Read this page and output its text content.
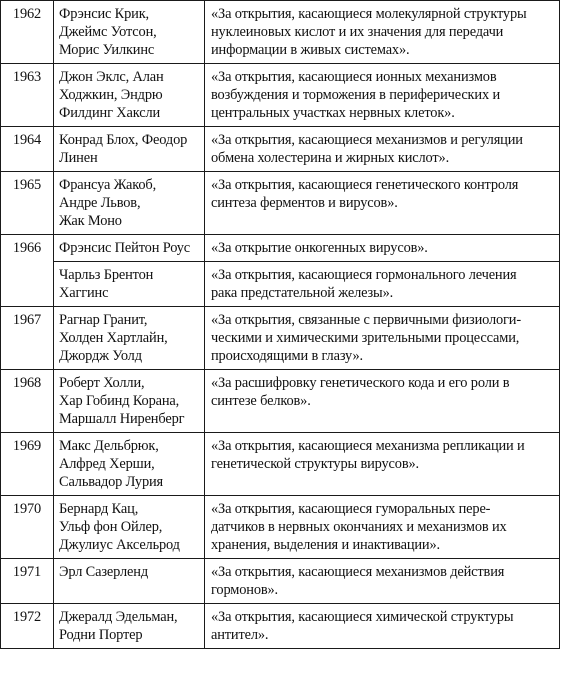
1962	Фрэнсис Крик,
Джеймс Уотсон,
Морис Уилкинс	«За открытия, касающиеся молекулярной структуры
нуклеиновых кислот и их значения для передачи
информации в живых системах».

1963	Джон Эклс, Алан
Ходжкин, Эндрю
Филдинг Хаксли	«За открытия, касающиеся ионных механизмов
возбуждения и торможения в периферических и
центральных участках нервных клеток».

1964	Конрад Блох, Феодор
Линен	«За открытия, касающиеся механизмов и регуляции
обмена холестерина и жирных кислот».

1965	Франсуа Жакоб,
Андре Львов,
Жак Моно	«За открытия, касающиеся генетического контроля
синтеза ферментов и вирусов».

1966	Фрэнсис Пейтон Роус	«За открытие онкогенных вирусов».

	Чарльз Брентон
Хаггинс	«За открытия, касающиеся гормонального лечения
рака предстательной железы».

1967	Рагнар Гранит,
Холден Хартлайн,
Джордж Уолд	«За открытия, связанные с первичными физиологи-
ческими и химическими зрительными процессами,
происходящими в глазу».

1968	Роберт Холли,
Хар Гобинд Корана,
Маршалл Ниренберг	«За расшифровку генетического кода и его роли в
синтезе белков».

1969	Макс Дельбрюк,
Алфред Херши,
Сальвадор Лурия	«За открытия, касающиеся механизма репликации и
генетической структуры вирусов».

1970	Бернард Кац,
Ульф фон Ойлер,
Джулиус Аксельрод	«За открытия, касающиеся гуморальных пере-
датчиков в нервных окончаниях и механизмов их
хранения, выделения и инактивации».

1971	Эрл Сазерленд	«За открытия, касающиеся механизмов действия
гормонов».

1972	Джералд Эдельман,
Родни Портер	«За открытия, касающиеся химической структуры
антител».
